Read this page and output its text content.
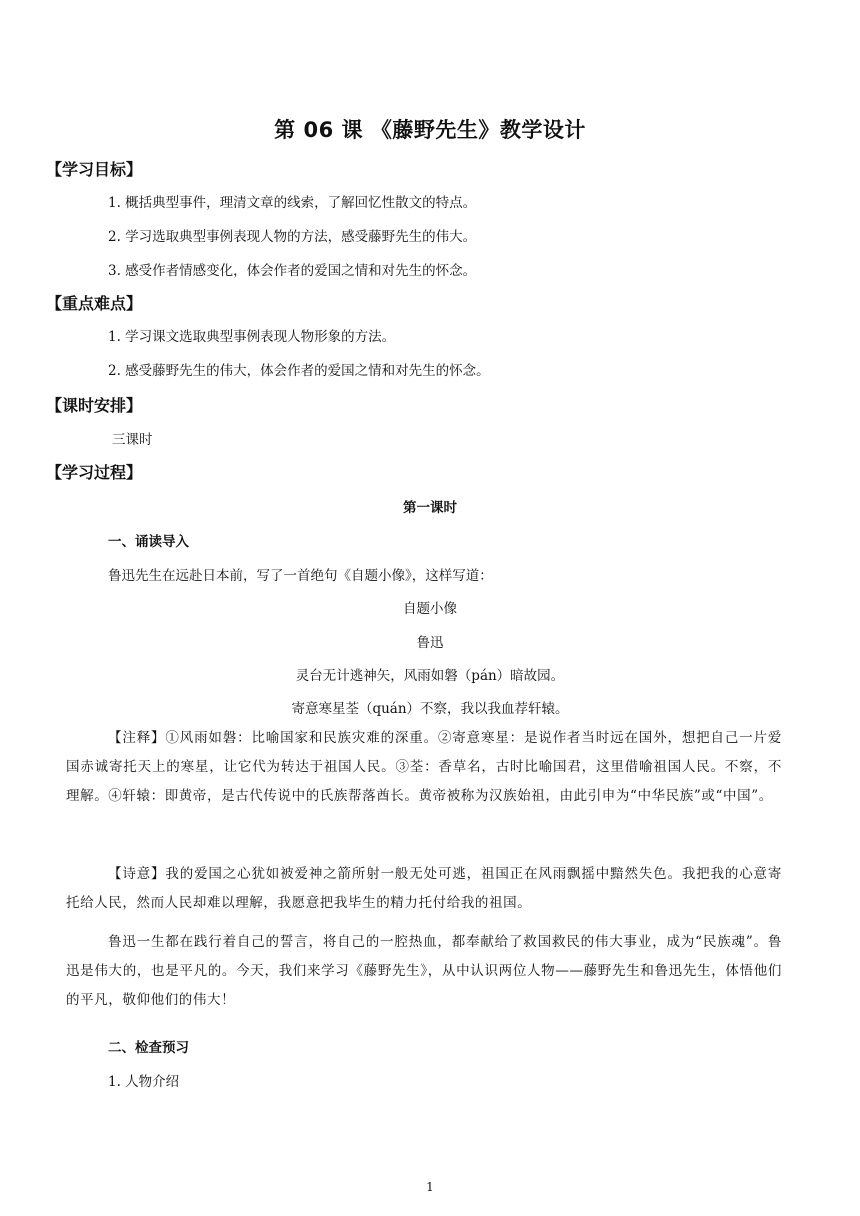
第 06 课 《藤野先生》教学设计
【学习目标】
1. 概括典型事件，理清文章的线索，了解回忆性散文的特点。
2. 学习选取典型事例表现人物的方法，感受藤野先生的伟大。
3. 感受作者情感变化，体会作者的爱国之情和对先生的怀念。
【重点难点】
1. 学习课文选取典型事例表现人物形象的方法。
2. 感受藤野先生的伟大，体会作者的爱国之情和对先生的怀念。
【课时安排】
三课时
【学习过程】
第一课时
一、诵读导入
鲁迅先生在远赴日本前，写了一首绝句《自题小像》，这样写道：
自题小像
鲁迅
灵台无计逃神矢，风雨如磐（pán）暗故园。
寄意寒星荃（quán）不察，我以我血荐轩辕。
【注释】①风雨如磐：比喻国家和民族灾难的深重。②寄意寒星：是说作者当时远在国外，想把自己一片爱国赤诚寄托天上的寒星，让它代为转达于祖国人民。③荃：香草名，古时比喻国君，这里借喻祖国人民。不察，不理解。④轩辕：即黄帝，是古代传说中的氏族帮落酋长。黄帝被称为汉族始祖，由此引申为“中华民族”或“中国”。
【诗意】我的爱国之心犹如被爱神之箭所射一般无处可逃，祖国正在风雨飘摇中黯然失色。我把我的心意寄托给人民，然而人民却难以理解，我愿意把我毕生的精力托付给我的祖国。
鲁迅一生都在践行着自己的誓言，将自己的一腔热血，都奉献给了救国救民的伟大事业，成为“民族魂”。鲁迅是伟大的，也是平凡的。今天，我们来学习《藤野先生》，从中认识两位人物——藤野先生和鲁迅先生，体悟他们的平凡，敬仰他们的伟大！
二、检查预习
1. 人物介绍
1
